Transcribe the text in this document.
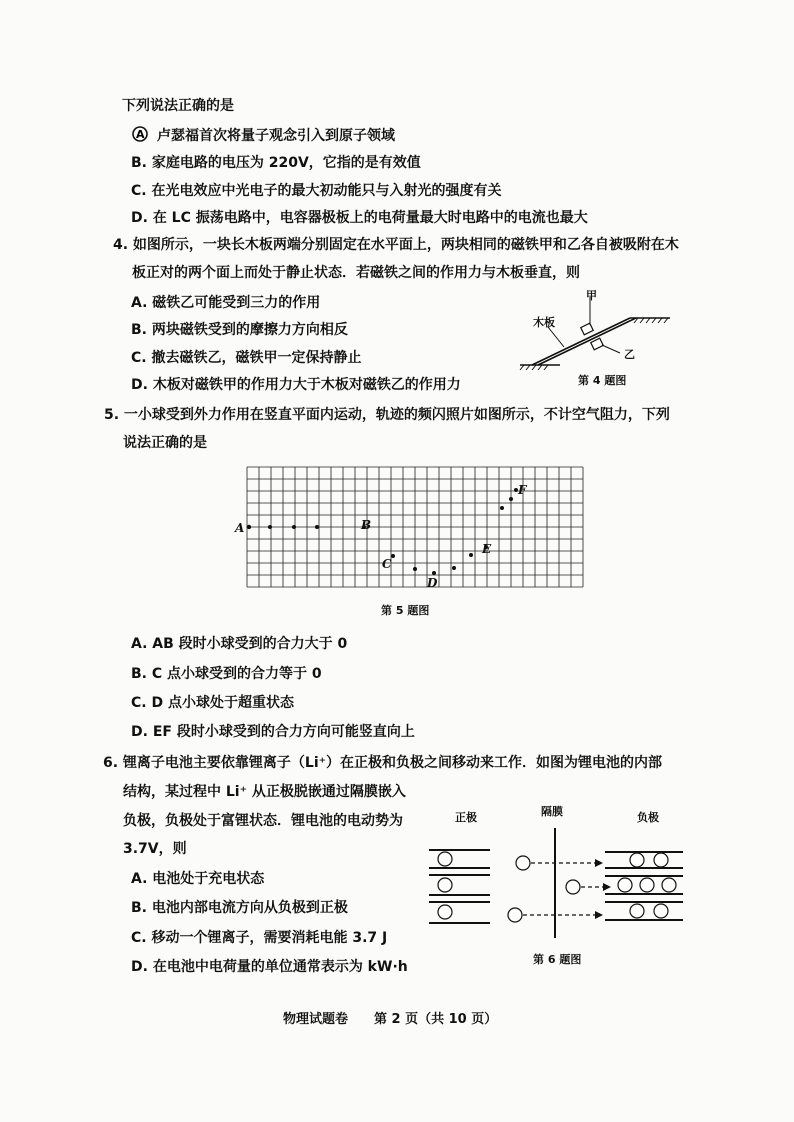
下列说法正确的是
A 卢瑟福首次将量子观念引入到原子领域
B. 家庭电路的电压为 220V，它指的是有效值
C. 在光电效应中光电子的最大初动能只与入射光的强度有关
D. 在 LC 振荡电路中，电容器极板上的电荷量最大时电路中的电流也最大
4. 如图所示，一块长木板两端分别固定在水平面上，两块相同的磁铁甲和乙各自被吸附在木
板正对的两个面上而处于静止状态．若磁铁之间的作用力与木板垂直，则
A. 磁铁乙可能受到三力的作用
B. 两块磁铁受到的摩擦力方向相反
C. 撤去磁铁乙，磁铁甲一定保持静止
D. 木板对磁铁甲的作用力大于木板对磁铁乙的作用力
木板
甲
乙
第 4 题图
5. 一小球受到外力作用在竖直平面内运动，轨迹的频闪照片如图所示，不计空气阻力，下列
说法正确的是
A	B
C
D
E
F
第 5 题图
A. AB 段时小球受到的合力大于 0
B. C 点小球受到的合力等于 0
C. D 点小球处于超重状态
D. EF 段时小球受到的合力方向可能竖直向上
6. 锂离子电池主要依靠锂离子（Li⁺）在正极和负极之间移动来工作．如图为锂电池的内部
结构，某过程中 Li⁺ 从正极脱嵌通过隔膜嵌入
负极，负极处于富锂状态．锂电池的电动势为
3.7V，则
A. 电池处于充电状态
B. 电池内部电流方向从负极到正极
C. 移动一个锂离子，需要消耗电能 3.7 J
D. 在电池中电荷量的单位通常表示为 kW·h
正极	隔膜	负极
第 6 题图
物理试题卷　　第 2 页（共 10 页）
